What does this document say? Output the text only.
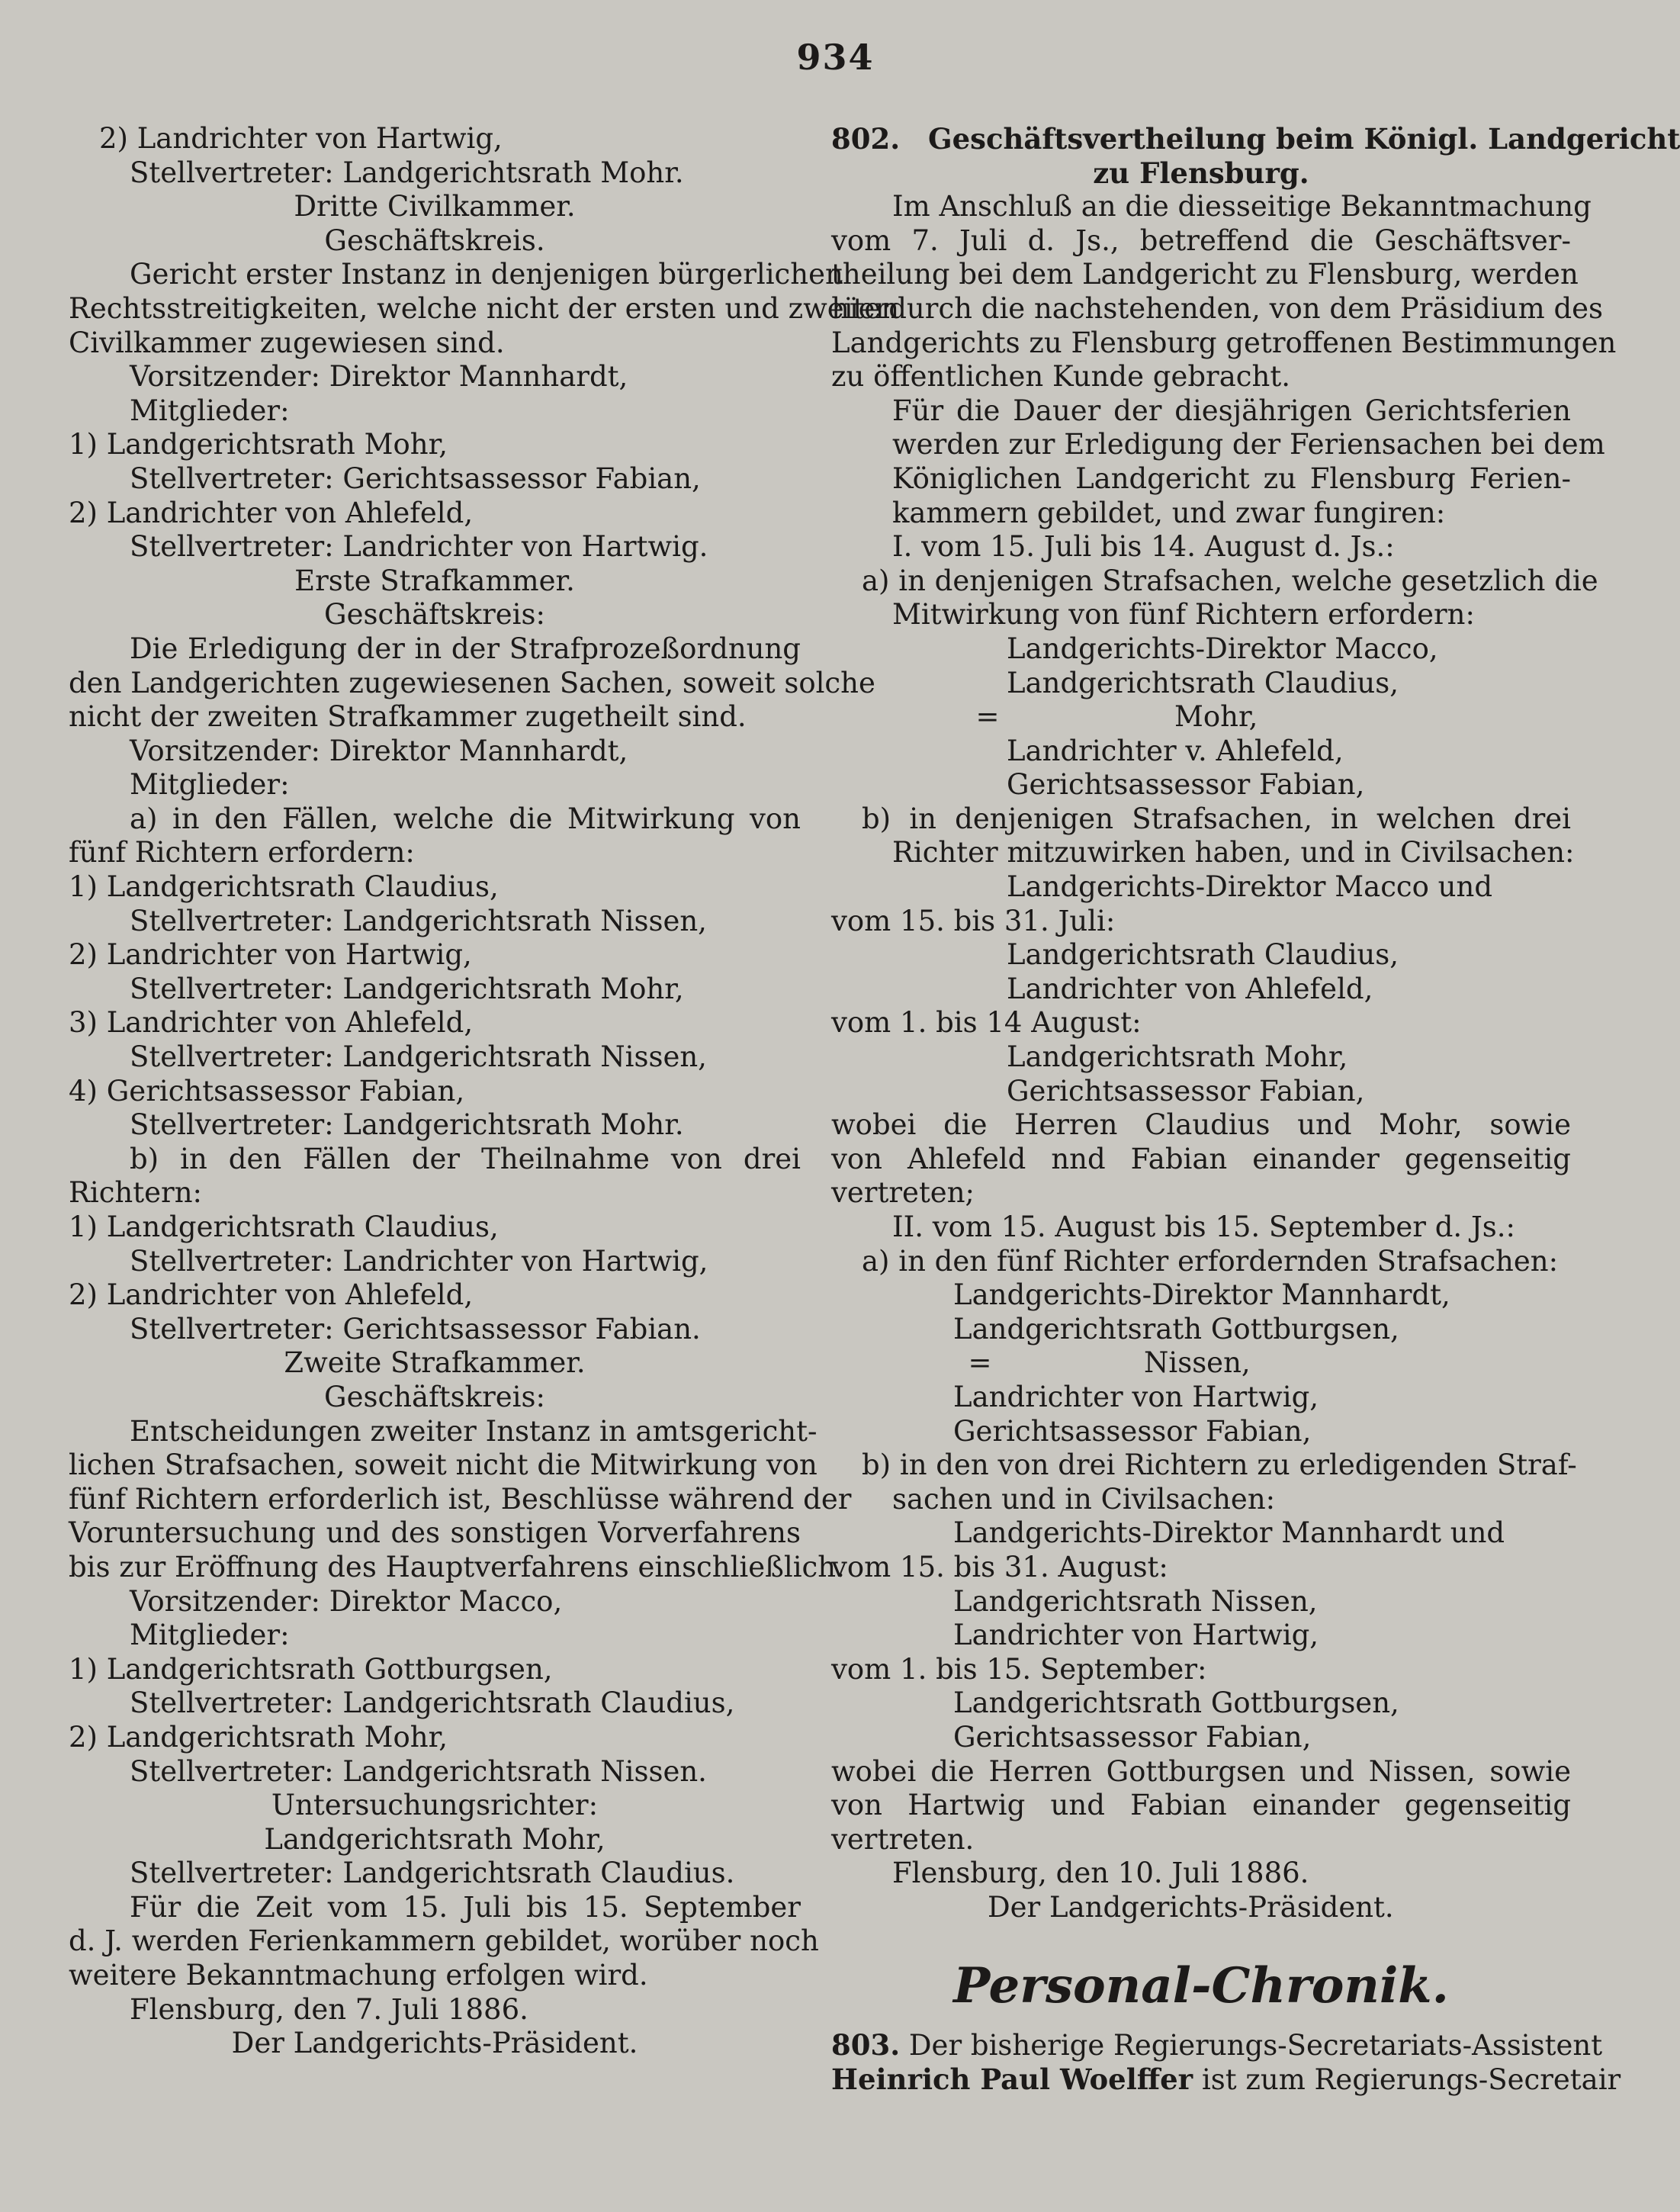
934
2) Landrichter von Hartwig,
Stellvertreter: Landgerichtsrath Mohr.
Dritte Civilkammer.
Geschäftskreis.
Gericht erster Instanz in denjenigen bürgerlichen
Rechtsstreitigkeiten, welche nicht der ersten und zweiten
Civilkammer zugewiesen sind.
Vorsitzender: Direktor Mannhardt,
Mitglieder:
1) Landgerichtsrath Mohr,
Stellvertreter: Gerichtsassessor Fabian,
2) Landrichter von Ahlefeld,
Stellvertreter: Landrichter von Hartwig.
Erste Strafkammer.
Geschäftskreis:
Die Erledigung der in der Strafprozeßordnung
den Landgerichten zugewiesenen Sachen, soweit solche
nicht der zweiten Strafkammer zugetheilt sind.
Vorsitzender: Direktor Mannhardt,
Mitglieder:
a) in den Fällen, welche die Mitwirkung von
fünf Richtern erfordern:
1) Landgerichtsrath Claudius,
Stellvertreter: Landgerichtsrath Nissen,
2) Landrichter von Hartwig,
Stellvertreter: Landgerichtsrath Mohr,
3) Landrichter von Ahlefeld,
Stellvertreter: Landgerichtsrath Nissen,
4) Gerichtsassessor Fabian,
Stellvertreter: Landgerichtsrath Mohr.
b) in den Fällen der Theilnahme von drei
Richtern:
1) Landgerichtsrath Claudius,
Stellvertreter: Landrichter von Hartwig,
2) Landrichter von Ahlefeld,
Stellvertreter: Gerichtsassessor Fabian.
Zweite Strafkammer.
Geschäftskreis:
Entscheidungen zweiter Instanz in amtsgericht-
lichen Strafsachen, soweit nicht die Mitwirkung von
fünf Richtern erforderlich ist, Beschlüsse während der
Voruntersuchung und des sonstigen Vorverfahrens
bis zur Eröffnung des Hauptverfahrens einschließlich.
Vorsitzender: Direktor Macco,
Mitglieder:
1) Landgerichtsrath Gottburgsen,
Stellvertreter: Landgerichtsrath Claudius,
2) Landgerichtsrath Mohr,
Stellvertreter: Landgerichtsrath Nissen.
Untersuchungsrichter:
Landgerichtsrath Mohr,
Stellvertreter: Landgerichtsrath Claudius.
Für die Zeit vom 15. Juli bis 15. September
d. J. werden Ferienkammern gebildet, worüber noch
weitere Bekanntmachung erfolgen wird.
Flensburg, den 7. Juli 1886.
Der Landgerichts-Präsident.
802. Geschäftsvertheilung beim Königl. Landgericht
zu Flensburg.
Im Anschluß an die diesseitige Bekanntmachung
vom 7. Juli d. Js., betreffend die Geschäftsver-
theilung bei dem Landgericht zu Flensburg, werden
hierdurch die nachstehenden, von dem Präsidium des
Landgerichts zu Flensburg getroffenen Bestimmungen
zu öffentlichen Kunde gebracht.
Für die Dauer der diesjährigen Gerichtsferien
werden zur Erledigung der Feriensachen bei dem
Königlichen Landgericht zu Flensburg Ferien-
kammern gebildet, und zwar fungiren:
I. vom 15. Juli bis 14. August d. Js.:
a) in denjenigen Strafsachen, welche gesetzlich die
Mitwirkung von fünf Richtern erfordern:
Landgerichts-Direktor Macco,
Landgerichtsrath Claudius,
=	Mohr,
Landrichter v. Ahlefeld,
Gerichtsassessor Fabian,
b) in denjenigen Strafsachen, in welchen drei
Richter mitzuwirken haben, und in Civilsachen:
Landgerichts-Direktor Macco und
vom 15. bis 31. Juli:
Landgerichtsrath Claudius,
Landrichter von Ahlefeld,
vom 1. bis 14 August:
Landgerichtsrath Mohr,
Gerichtsassessor Fabian,
wobei die Herren Claudius und Mohr, sowie
von Ahlefeld nnd Fabian einander gegenseitig
vertreten;
II. vom 15. August bis 15. September d. Js.:
a) in den fünf Richter erfordernden Strafsachen:
Landgerichts-Direktor Mannhardt,
Landgerichtsrath Gottburgsen,
=	Nissen,
Landrichter von Hartwig,
Gerichtsassessor Fabian,
b) in den von drei Richtern zu erledigenden Straf-
sachen und in Civilsachen:
Landgerichts-Direktor Mannhardt und
vom 15. bis 31. August:
Landgerichtsrath Nissen,
Landrichter von Hartwig,
vom 1. bis 15. September:
Landgerichtsrath Gottburgsen,
Gerichtsassessor Fabian,
wobei die Herren Gottburgsen und Nissen, sowie
von Hartwig und Fabian einander gegenseitig
vertreten.
Flensburg, den 10. Juli 1886.
Der Landgerichts-Präsident.
Personal-Chronik.
803. Der bisherige Regierungs-Secretariats-Assistent
Heinrich Paul Woelffer ist zum Regierungs-Secretair
